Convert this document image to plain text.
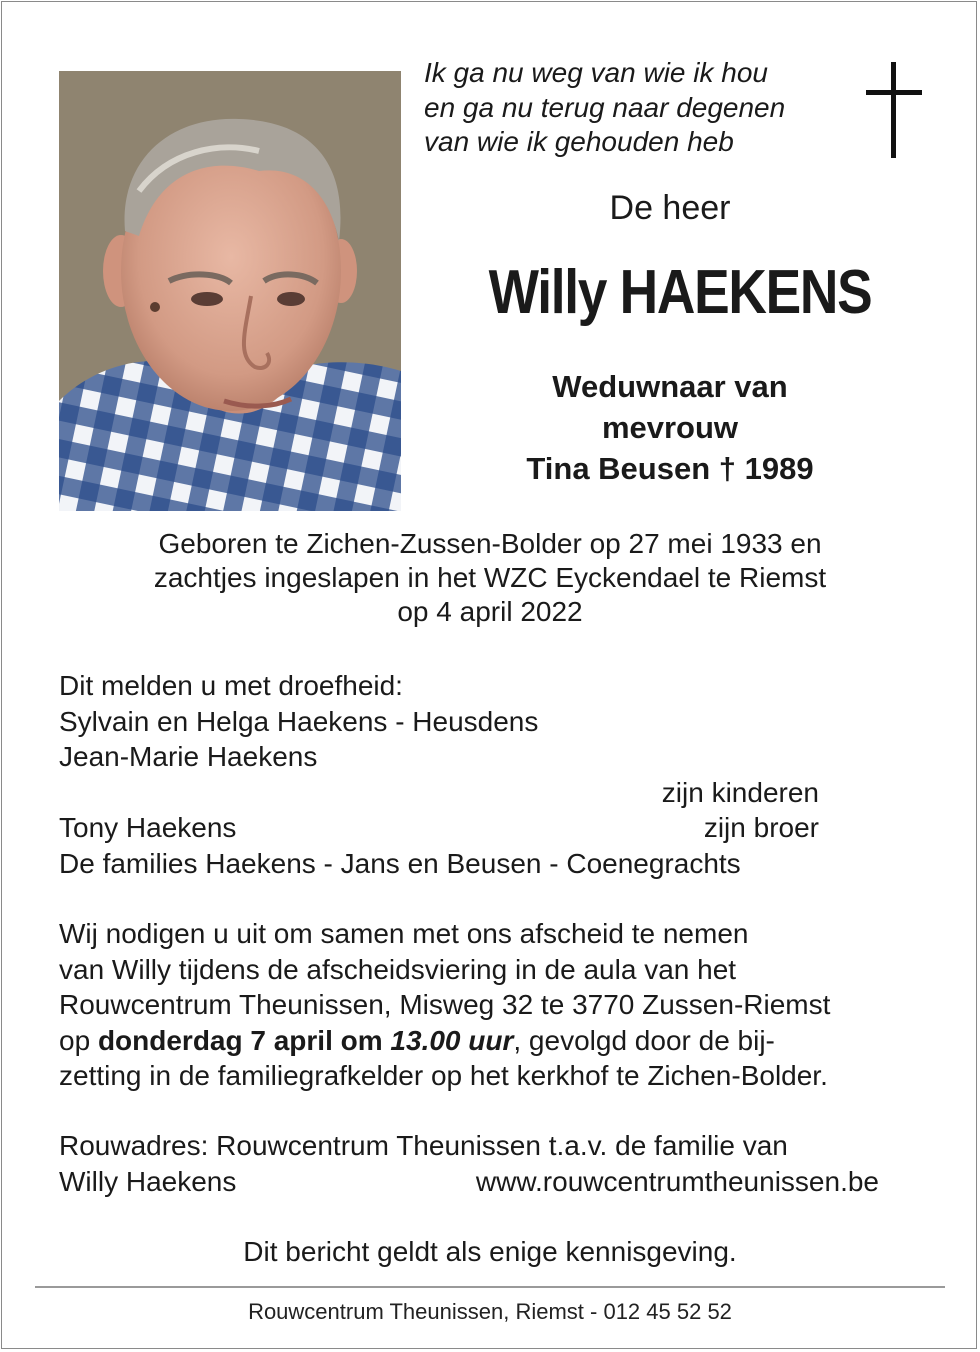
Ik ga nu weg van wie ik hou
en ga nu terug naar degenen
van wie ik gehouden heb
De heer
Willy HAEKENS
Weduwnaar van
mevrouw
Tina Beusen † 1989
Geboren te Zichen-Zussen-Bolder op 27 mei 1933 en
zachtjes ingeslapen in het WZC Eyckendael te Riemst
op 4 april 2022
Dit melden u met droefheid:
Sylvain en Helga Haekens - Heusdens
Jean-Marie Haekens
zijn kinderen
Tony Haekens	zijn broer
De families Haekens - Jans en Beusen - Coenegrachts
Wij nodigen u uit om samen met ons afscheid te nemen
van Willy tijdens de afscheidsviering in de aula van het
Rouwcentrum Theunissen, Misweg 32 te 3770 Zussen-Riemst
op donderdag 7 april om 13.00 uur, gevolgd door de bij-
zetting in de familiegrafkelder op het kerkhof te Zichen-Bolder.
Rouwadres: Rouwcentrum Theunissen t.a.v. de familie van
Willy Haekens	www.rouwcentrumtheunissen.be
Dit bericht geldt als enige kennisgeving.
Rouwcentrum Theunissen, Riemst - 012 45 52 52
